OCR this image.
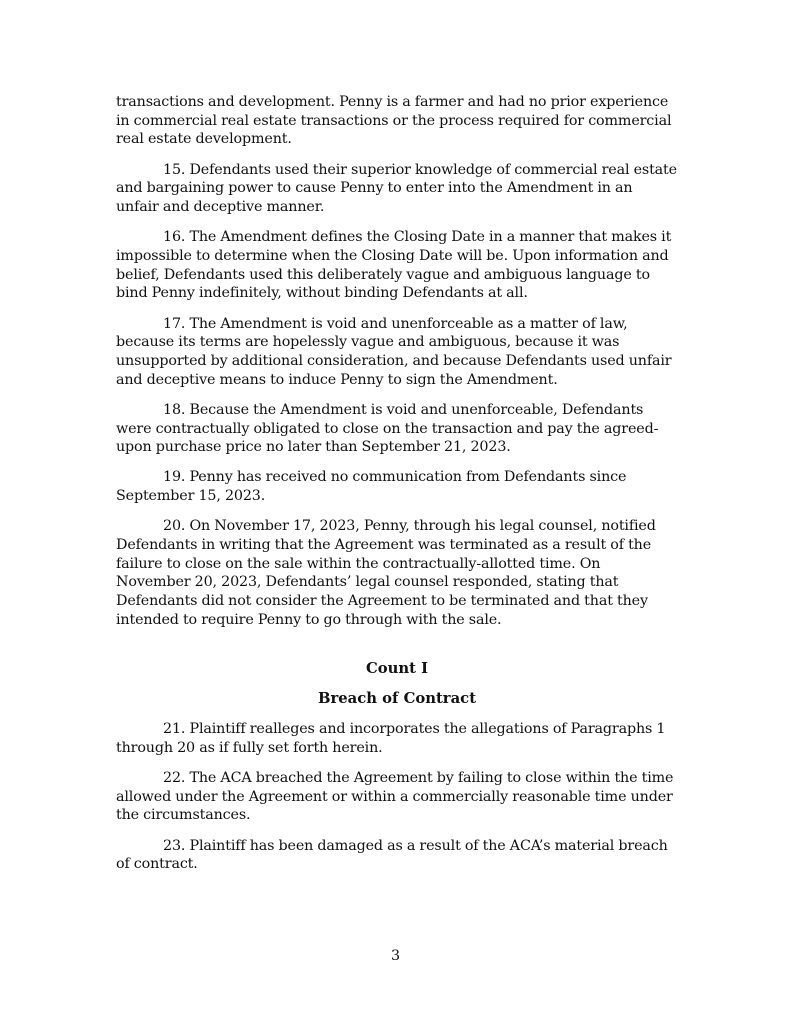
transactions and development. Penny is a farmer and had no prior experience in commercial real estate transactions or the process required for commercial real estate development.

15. Defendants used their superior knowledge of commercial real estate and bargaining power to cause Penny to enter into the Amendment in an unfair and deceptive manner.

16. The Amendment defines the Closing Date in a manner that makes it impossible to determine when the Closing Date will be. Upon information and belief, Defendants used this deliberately vague and ambiguous language to bind Penny indefinitely, without binding Defendants at all.

17. The Amendment is void and unenforceable as a matter of law, because its terms are hopelessly vague and ambiguous, because it was unsupported by additional consideration, and because Defendants used unfair and deceptive means to induce Penny to sign the Amendment.

18. Because the Amendment is void and unenforceable, Defendants were contractually obligated to close on the transaction and pay the agreed-upon purchase price no later than September 21, 2023.

19. Penny has received no communication from Defendants since September 15, 2023.

20. On November 17, 2023, Penny, through his legal counsel, notified Defendants in writing that the Agreement was terminated as a result of the failure to close on the sale within the contractually-allotted time. On November 20, 2023, Defendants’ legal counsel responded, stating that Defendants did not consider the Agreement to be terminated and that they intended to require Penny to go through with the sale.

Count I
Breach of Contract

21. Plaintiff realleges and incorporates the allegations of Paragraphs 1 through 20 as if fully set forth herein.

22. The ACA breached the Agreement by failing to close within the time allowed under the Agreement or within a commercially reasonable time under the circumstances.

23. Plaintiff has been damaged as a result of the ACA’s material breach of contract.

3
